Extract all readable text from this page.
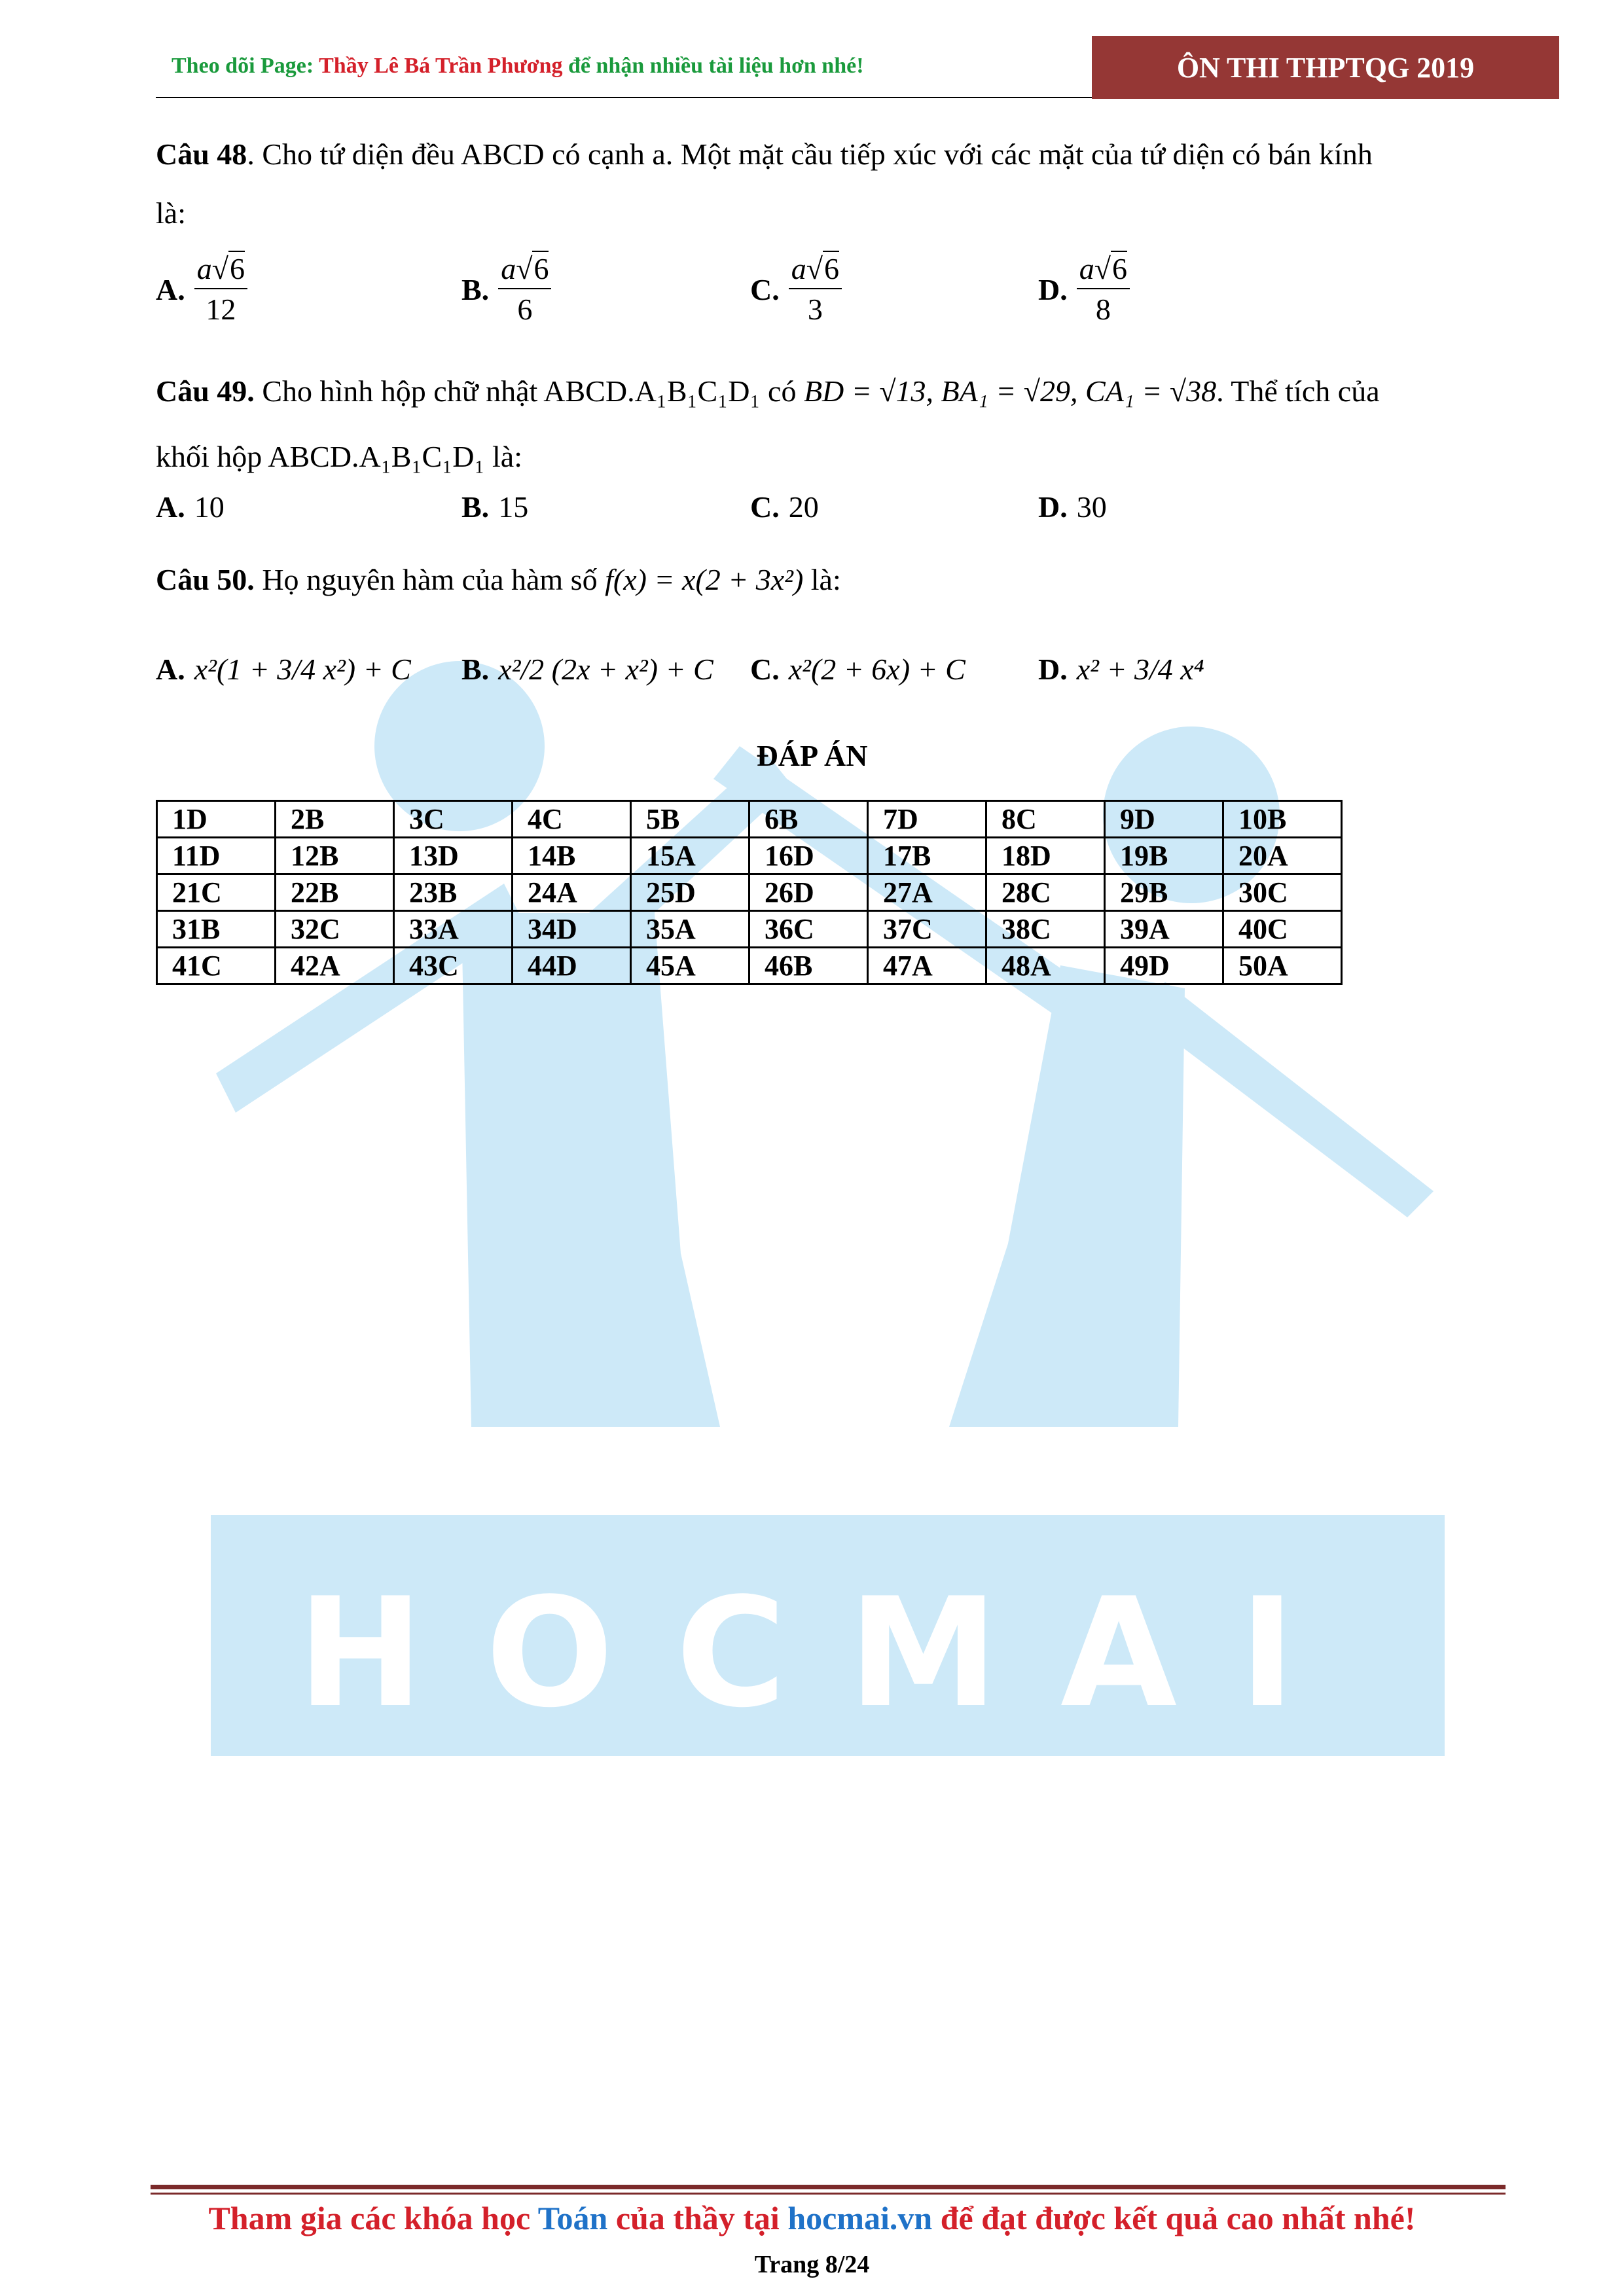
HOCMAI
Theo dõi Page: Thầy Lê Bá Trần Phương để nhận nhiều tài liệu hơn nhé!	ÔN THI THPTQG 2019
Câu 48. Cho tứ diện đều ABCD có cạnh a. Một mặt cầu tiếp xúc với các mặt của tứ diện có bán kính
là:
A. $\frac{a√6}{12}$	B. $\frac{a√6}{6}$	C. $\frac{a√6}{3}$	D. $\frac{a√6}{8}$
Câu 49. Cho hình hộp chữ nhật ABCD.A₁B₁C₁D₁ có BD = √13, BA₁ = √29, CA₁ = √38. Thể tích của
khối hộp ABCD.A₁B₁C₁D₁ là:
A. 10	B. 15	C. 20	D. 30
Câu 50. Họ nguyên hàm của hàm số f(x) = x(2 + 3x²) là:
A. x²(1 + 3/4 x²) + C B. x²/2 (2x + x²) + C C. x²(2 + 6x) + C D. x² + 3/4 x⁴
ĐÁP ÁN
1D	2B	3C	4C	5B	6B	7D	8C	9D	10B
11D	12B	13D	14B	15A	16D	17B	18D	19B	20A
21C	22B	23B	24A	25D	26D	27A	28C	29B	30C
31B	32C	33A	34D	35A	36C	37C	38C	39A	40C
41C	42A	43C	44D	45A	46B	47A	48A	49D	50A
Tham gia các khóa học Toán của thầy tại hocmai.vn để đạt được kết quả cao nhất nhé!
Trang 8/24
